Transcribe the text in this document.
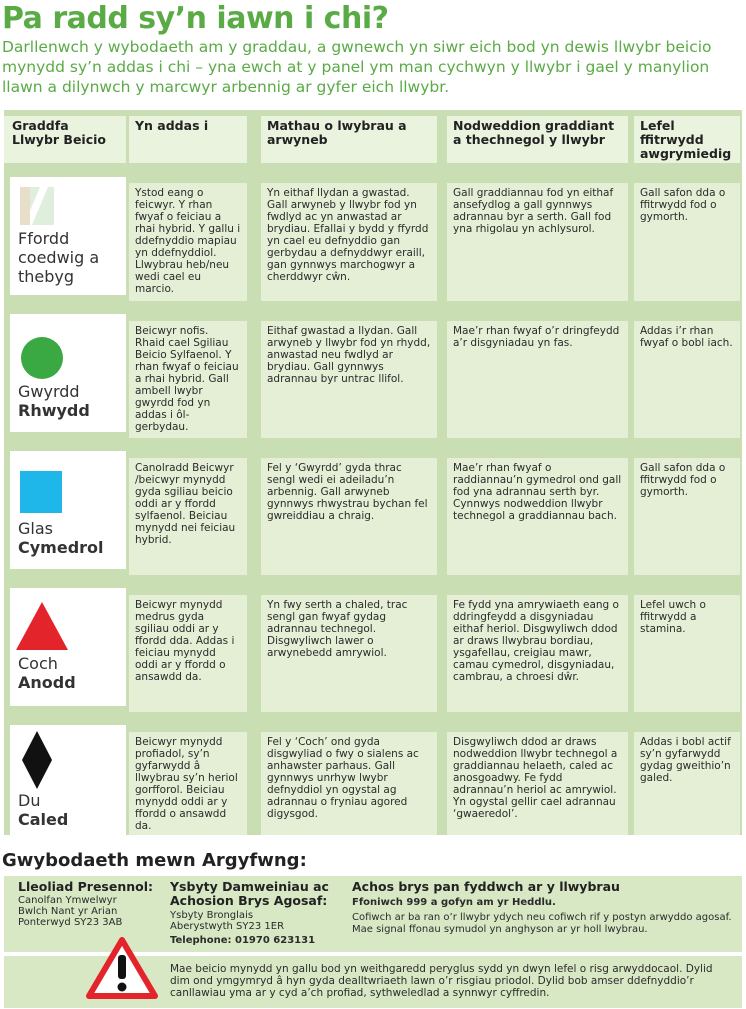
Pa radd sy’n iawn i chi?
Darllenwch y wybodaeth am y graddau, a gwnewch yn siwr eich bod yn dewis llwybr beicio mynydd sy’n addas i chi – yna ewch at y panel ym man cychwyn y llwybr i gael y manylion llawn a dilynwch y marcwyr arbennig ar gyfer eich llwybr.
Graddfa Llwybr Beicio
Yn addas i	Mathau o lwybrau a arwyneb
Nodweddion graddiant a thechnegol y llwybr
Lefel ffitrwydd awgrymiedig
Ffordd coedwig a thebyg
Ystod eang o feicwyr. Y rhan fwyaf o feiciau a rhai hybrid. Y gallu i ddefnyddio mapiau yn ddefnyddiol. Llwybrau heb/neu wedi cael eu marcio.
Yn eithaf llydan a gwastad. Gall arwyneb y llwybr fod yn fwdlyd ac yn anwastad ar brydiau. Efallai y bydd y ffyrdd yn cael eu defnyddio gan gerbydau a defnyddwyr eraill, gan gynnwys marchogwyr a cherddwyr cŵn.
Gall graddiannau fod yn eithaf ansefydlog a gall gynnwys adrannau byr a serth. Gall fod yna rhigolau yn achlysurol.
Gall safon dda o ffitrwydd fod o gymorth.
Gwyrdd
Rhwydd
Beicwyr nofis. Rhaid cael Sgiliau Beicio Sylfaenol. Y rhan fwyaf o feiciau a rhai hybrid. Gall ambell lwybr gwyrdd fod yn addas i ôl-gerbydau.
Eithaf gwastad a llydan. Gall arwyneb y llwybr fod yn rhydd, anwastad neu fwdlyd ar brydiau. Gall gynnwys adrannau byr untrac llifol.
Mae’r rhan fwyaf o’r dringfeydd a’r disgyniadau yn fas.
Addas i’r rhan fwyaf o bobl iach.
Glas
Cymedrol
Canolradd Beicwyr /beicwyr mynydd gyda sgiliau beicio oddi ar y ffordd sylfaenol. Beiciau mynydd nei feiciau hybrid.
Fel y ‘Gwyrdd’ gyda thrac sengl wedi ei adeiladu’n arbennig. Gall arwyneb gynnwys rhwystrau bychan fel gwreiddiau a chraig.
Mae’r rhan fwyaf o raddiannau’n gymedrol ond gall fod yna adrannau serth byr. Cynnwys nodweddion llwybr technegol a graddiannau bach.
Gall safon dda o ffitrwydd fod o gymorth.
Coch
Anodd
Beicwyr mynydd medrus gyda sgiliau oddi ar y ffordd dda. Addas i feiciau mynydd oddi ar y ffordd o ansawdd da.
Yn fwy serth a chaled, trac sengl gan fwyaf gydag adrannau technegol. Disgwyliwch lawer o arwynebedd amrywiol.
Fe fydd yna amrywiaeth eang o ddringfeydd a disgyniadau eithaf heriol. Disgwyliwch ddod ar draws llwybrau bordiau, ysgafellau, creigiau mawr, camau cymedrol, disgyniadau, cambrau, a chroesi dŵr.
Lefel uwch o ffitrwydd a stamina.
Du
Caled
Beicwyr mynydd profiadol, sy’n gyfarwydd â llwybrau sy’n heriol gorfforol. Beiciau mynydd oddi ar y ffordd o ansawdd da.
Fel y ‘Coch’ ond gyda disgwyliad o fwy o sialens ac anhawster parhaus. Gall gynnwys unrhyw lwybr defnyddiol yn ogystal ag adrannau o fryniau agored digysgod.
Disgwyliwch ddod ar draws nodweddion llwybr technegol a graddiannau helaeth, caled ac anosgoadwy. Fe fydd adrannau’n heriol ac amrywiol. Yn ogystal gellir cael adrannau ‘gwaeredol’.
Addas i bobl actif sy’n gyfarwydd gydag gweithio’n galed.
Gwybodaeth mewn Argyfwng:
Lleoliad Presennol:
Canolfan Ymwelwyr
Bwlch Nant yr Arian
Ponterwyd SY23 3AB
Ysbyty Damweiniau ac Achosion Brys Agosaf:
Ysbyty Bronglais
Aberystwyth SY23 1ER
Telephone: 01970 623131
Achos brys pan fyddwch ar y llwybrau
Ffoniwch 999 a gofyn am yr Heddlu.
Cofiwch ar ba ran o’r llwybr ydych neu cofiwch rif y postyn arwyddo agosaf. Mae signal ffonau symudol yn anghyson ar yr holl lwybrau.
Mae beicio mynydd yn gallu bod yn weithgaredd peryglus sydd yn dwyn lefel o risg arwyddocaol. Dylid dim ond ymgymryd â hyn gyda dealltwriaeth lawn o’r risgiau priodol. Dylid bob amser ddefnyddio’r canllawiau yma ar y cyd a’ch profiad, sythweledlad a synnwyr cyffredin.
